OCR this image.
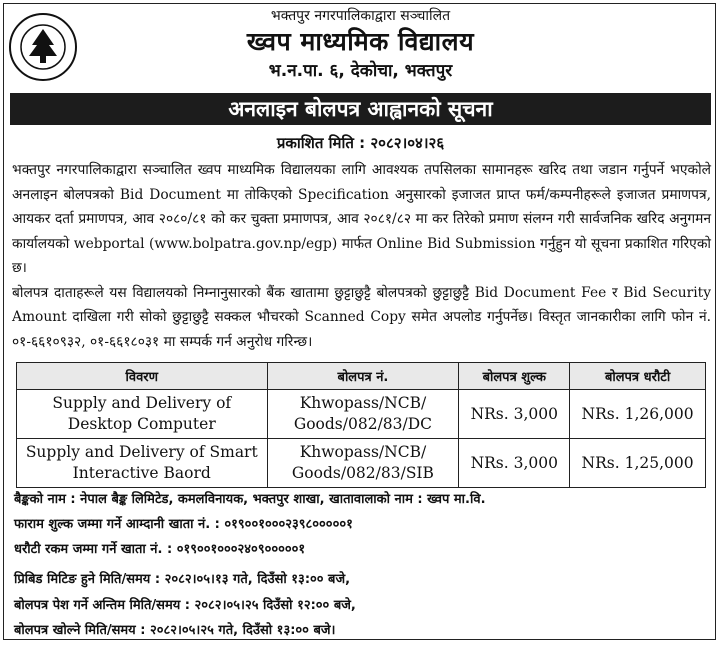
भक्तपुर नगरपालिकाद्वारा सञ्चालित
ख्वप माध्यमिक विद्यालय
भ.न.पा. ६, देकोचा, भक्तपुर
अनलाइन बोलपत्र आह्वानको सूचना
प्रकाशित मिति : २०८२।०४।२६
भक्तपुर नगरपालिकाद्वारा सञ्चालित ख्वप माध्यमिक विद्यालयका लागि आवश्यक तपसिलका सामानहरू खरिद तथा जडान गर्नुपर्ने भएकोले अनलाइन बोलपत्रको Bid Document मा तोकिएको Specification अनुसारको इजाजत प्राप्त फर्म/कम्पनीहरूले इजाजत प्रमाणपत्र, आयकर दर्ता प्रमाणपत्र, आव २०८०/८१ को कर चुक्ता प्रमाणपत्र, आव २०८१/८२ मा कर तिरेको प्रमाण संलग्न गरी सार्वजनिक खरिद अनुगमन कार्यालयको webportal (www.bolpatra.gov.np/egp) मार्फत Online Bid Submission गर्नुहुन यो सूचना प्रकाशित गरिएको छ।
बोलपत्र दाताहरूले यस विद्यालयको निम्नानुसारको बैंक खातामा छुट्टाछुट्टै बोलपत्रको छुट्टाछुट्टै Bid Document Fee र Bid Security Amount दाखिला गरी सोको छुट्टाछुट्टै सक्कल भौचरको Scanned Copy समेत अपलोड गर्नुपर्नेछ। विस्तृत जानकारीका लागि फोन नं. ०१-६६१०९३२, ०१-६६१८०३१ मा सम्पर्क गर्न अनुरोध गरिन्छ।
विवरण	बोलपत्र नं.	बोलपत्र शुल्क	बोलपत्र धरौटी
Supply and Delivery of Desktop Computer	Khwopass/NCB/ Goods/082/83/DC	NRs. 3,000	NRs. 1,26,000
Supply and Delivery of Smart Interactive Baord	Khwopass/NCB/ Goods/082/83/SIB	NRs. 3,000	NRs. 1,25,000
बैङ्कको नाम : नेपाल बैङ्क लिमिटेड, कमलविनायक, भक्तपुर शाखा, खातावालाको नाम : ख्वप मा.वि.
फाराम शुल्क जम्मा गर्ने आम्दानी खाता नं. : ०१९००१०००२३९८०००००१
धरौटी रकम जम्मा गर्ने खाता नं. : ०१९००१०००२४०९०००००१
प्रिबिड मिटिङ हुने मिति/समय : २०८२।०५।१३ गते, दिउँसो १३:०० बजे,
बोलपत्र पेश गर्ने अन्तिम मिति/समय : २०८२।०५।२५ दिउँसो १२:०० बजे,
बोलपत्र खोल्ने मिति/समय : २०८२।०५।२५ गते, दिउँसो १३:०० बजे।
